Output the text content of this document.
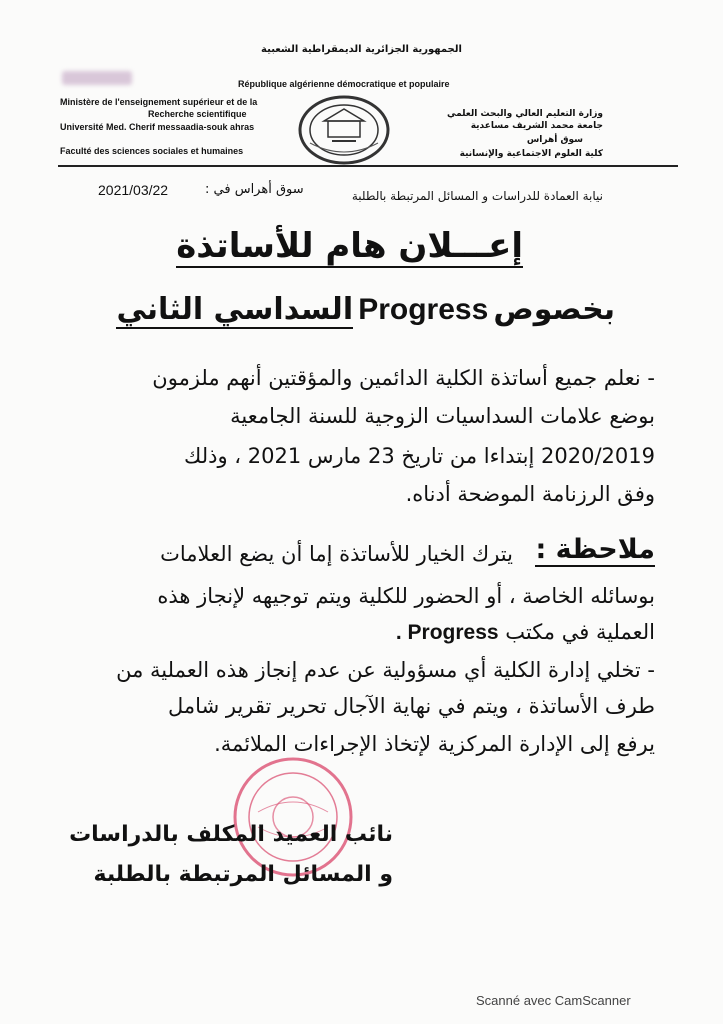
الجمهورية الجزائرية الديمقراطية الشعبية
République algérienne démocratique et populaire
Ministère de l'enseignement supérieur et de la
Recherche scientifique
Université Med. Cherif messaadia-souk ahras
Faculté des sciences sociales et humaines
وزارة التعليم العالي والبحث العلمي
جامعة محمد الشريف مساعدية
سوق أهراس
كلية العلوم الاجتماعية والإنسانية
نيابة العمادة للدراسات و المسائل المرتبطة بالطلبة
سوق أهراس في :
2021/03/22
إعـــلان هام للأساتذة
بخصوص Progress السداسي الثاني
- نعلم جميع أساتذة الكلية الدائمين والمؤقتين أنهم ملزمون
بوضع علامات السداسيات الزوجية للسنة الجامعية
2020/2019 إبتداءا من تاريخ 23 مارس 2021 ، وذلك
وفق الرزنامة الموضحة أدناه.
ملاحظة :
يترك الخيار للأساتذة إما أن يضع العلامات
بوسائله الخاصة ، أو الحضور للكلية ويتم توجيهه لإنجاز هذه
العملية في مكتب Progress .
- تخلي إدارة الكلية أي مسؤولية عن عدم إنجاز هذه العملية من
طرف الأساتذة ، ويتم في نهاية الآجال تحرير تقرير شامل
يرفع إلى الإدارة المركزية لإتخاذ الإجراءات الملائمة.
نائب العميد المكلف بالدراسات
و المسائل المرتبطة بالطلبة
Scanné avec CamScanner
